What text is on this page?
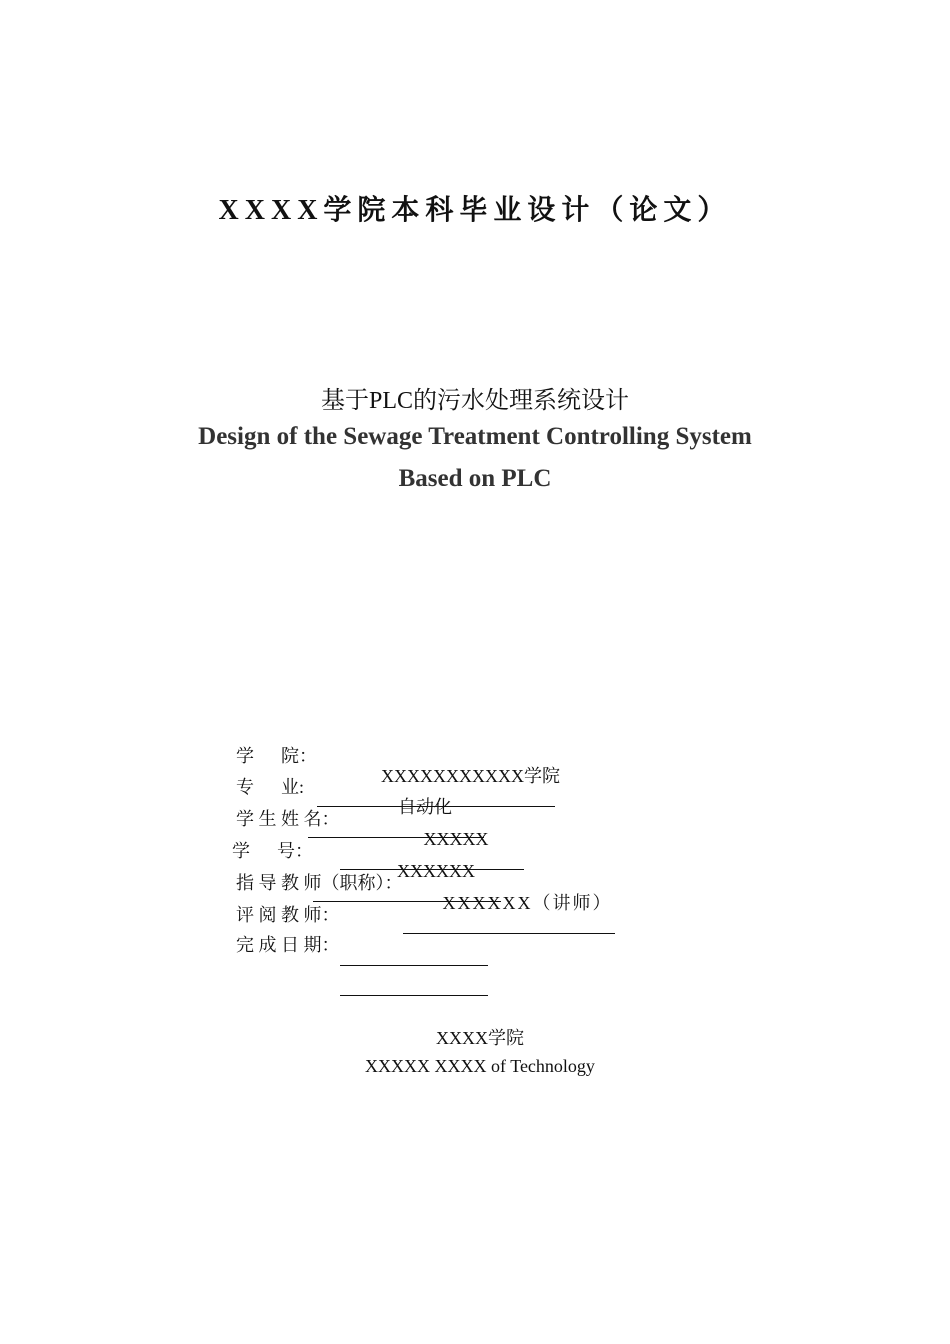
XXXX学院本科毕业设计（论文）
基于PLC的污水处理系统设计
Design of the Sewage Treatment Controlling System
Based on PLC
学      院：

XXXXXXXXXXX学院

专      业:

自动化

学 生 姓 名：

XXXXX

学      号：

XXXXXX

指 导 教 师（职称）：

XXXXXX（讲师）

评 阅 教 师：

完 成 日 期：

XXXX学院
XXXXX XXXX of Technology
